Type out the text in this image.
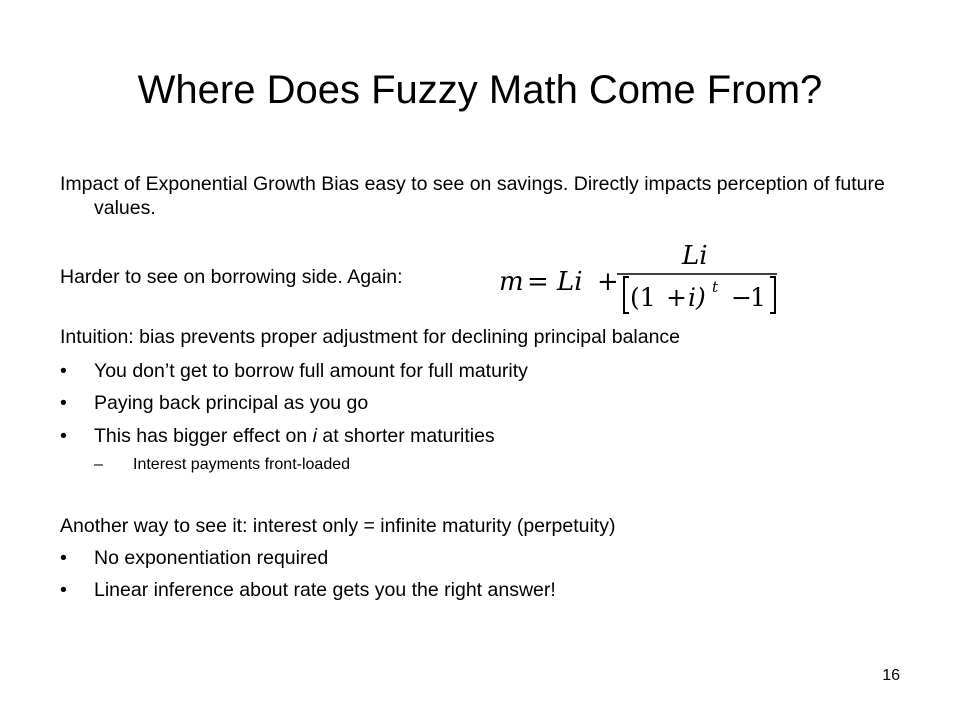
Where Does Fuzzy Math Come From?
Impact of Exponential Growth Bias easy to see on savings. Directly impacts perception of future values.
Harder to see on borrowing side. Again:	m = Li +
Li
(1 + i) t −
1
Intuition: bias prevents proper adjustment for declining principal balance
• You don’t get to borrow full amount for full maturity
• Paying back principal as you go
• This has bigger effect on i at shorter maturities
– Interest payments front-loaded
Another way to see it: interest only = infinite maturity (perpetuity)
• No exponentiation required
• Linear inference about rate gets you the right answer!
16
